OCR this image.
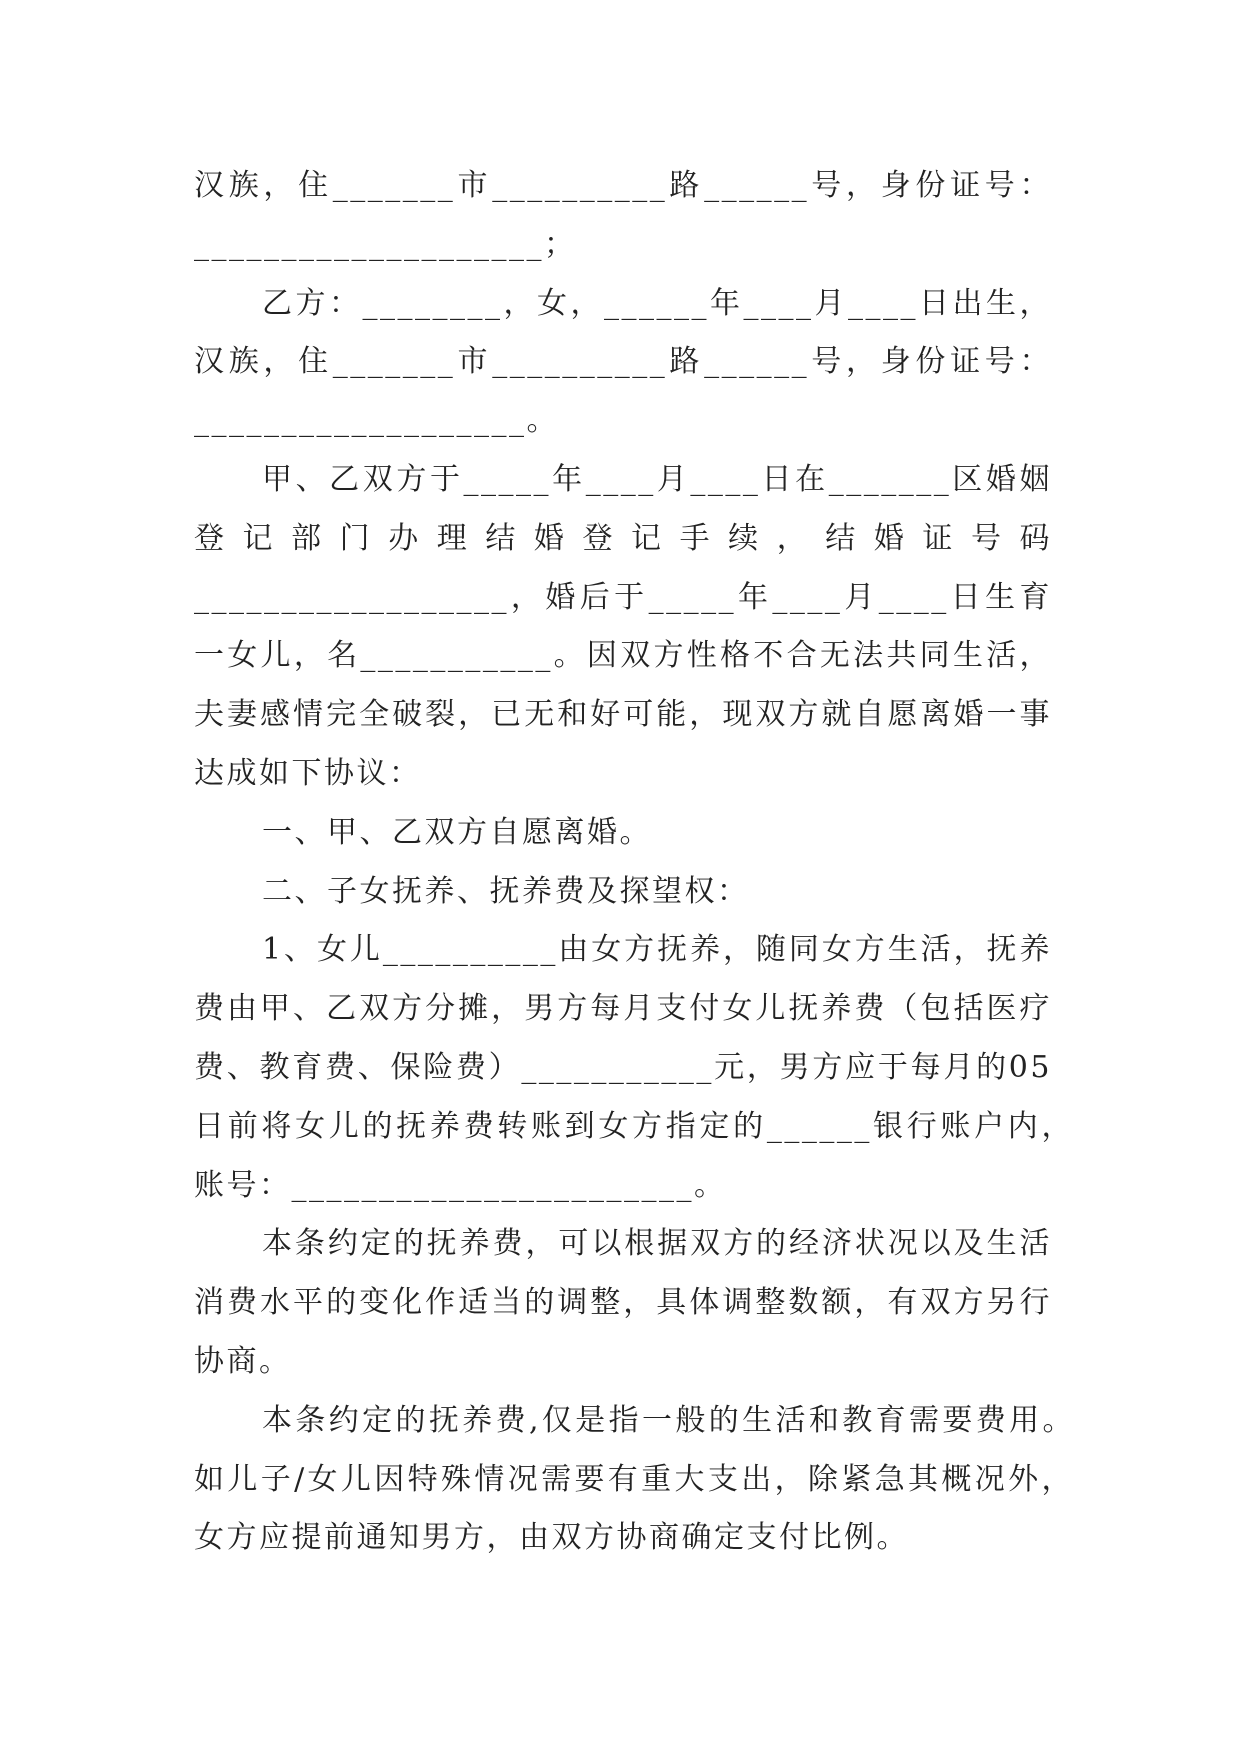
汉族，住_______市__________路______号，身份证号：
____________________；
乙方：________，女，______年____月____日出生，
汉族，住_______市__________路______号，身份证号：
___________________。
甲、乙双方于_____年____月____日在_______区婚姻
登记部门办理结婚登记手续，结婚证号码
__________________，婚后于_____年____月____日生育
一女儿，名___________。因双方性格不合无法共同生活，
夫妻感情完全破裂，已无和好可能，现双方就自愿离婚一事
达成如下协议：
一、甲、乙双方自愿离婚。
二、子女抚养、抚养费及探望权：
1、女儿__________由女方抚养，随同女方生活，抚养
费由甲、乙双方分摊，男方每月支付女儿抚养费（包括医疗
费、教育费、保险费）___________元，男方应于每月的05
日前将女儿的抚养费转账到女方指定的______银行账户内，
账号：_______________________。
本条约定的抚养费，可以根据双方的经济状况以及生活
消费水平的变化作适当的调整，具体调整数额，有双方另行
协商。
本条约定的抚养费,仅是指一般的生活和教育需要费用。
如儿子/女儿因特殊情况需要有重大支出，除紧急其概况外，
女方应提前通知男方，由双方协商确定支付比例。
